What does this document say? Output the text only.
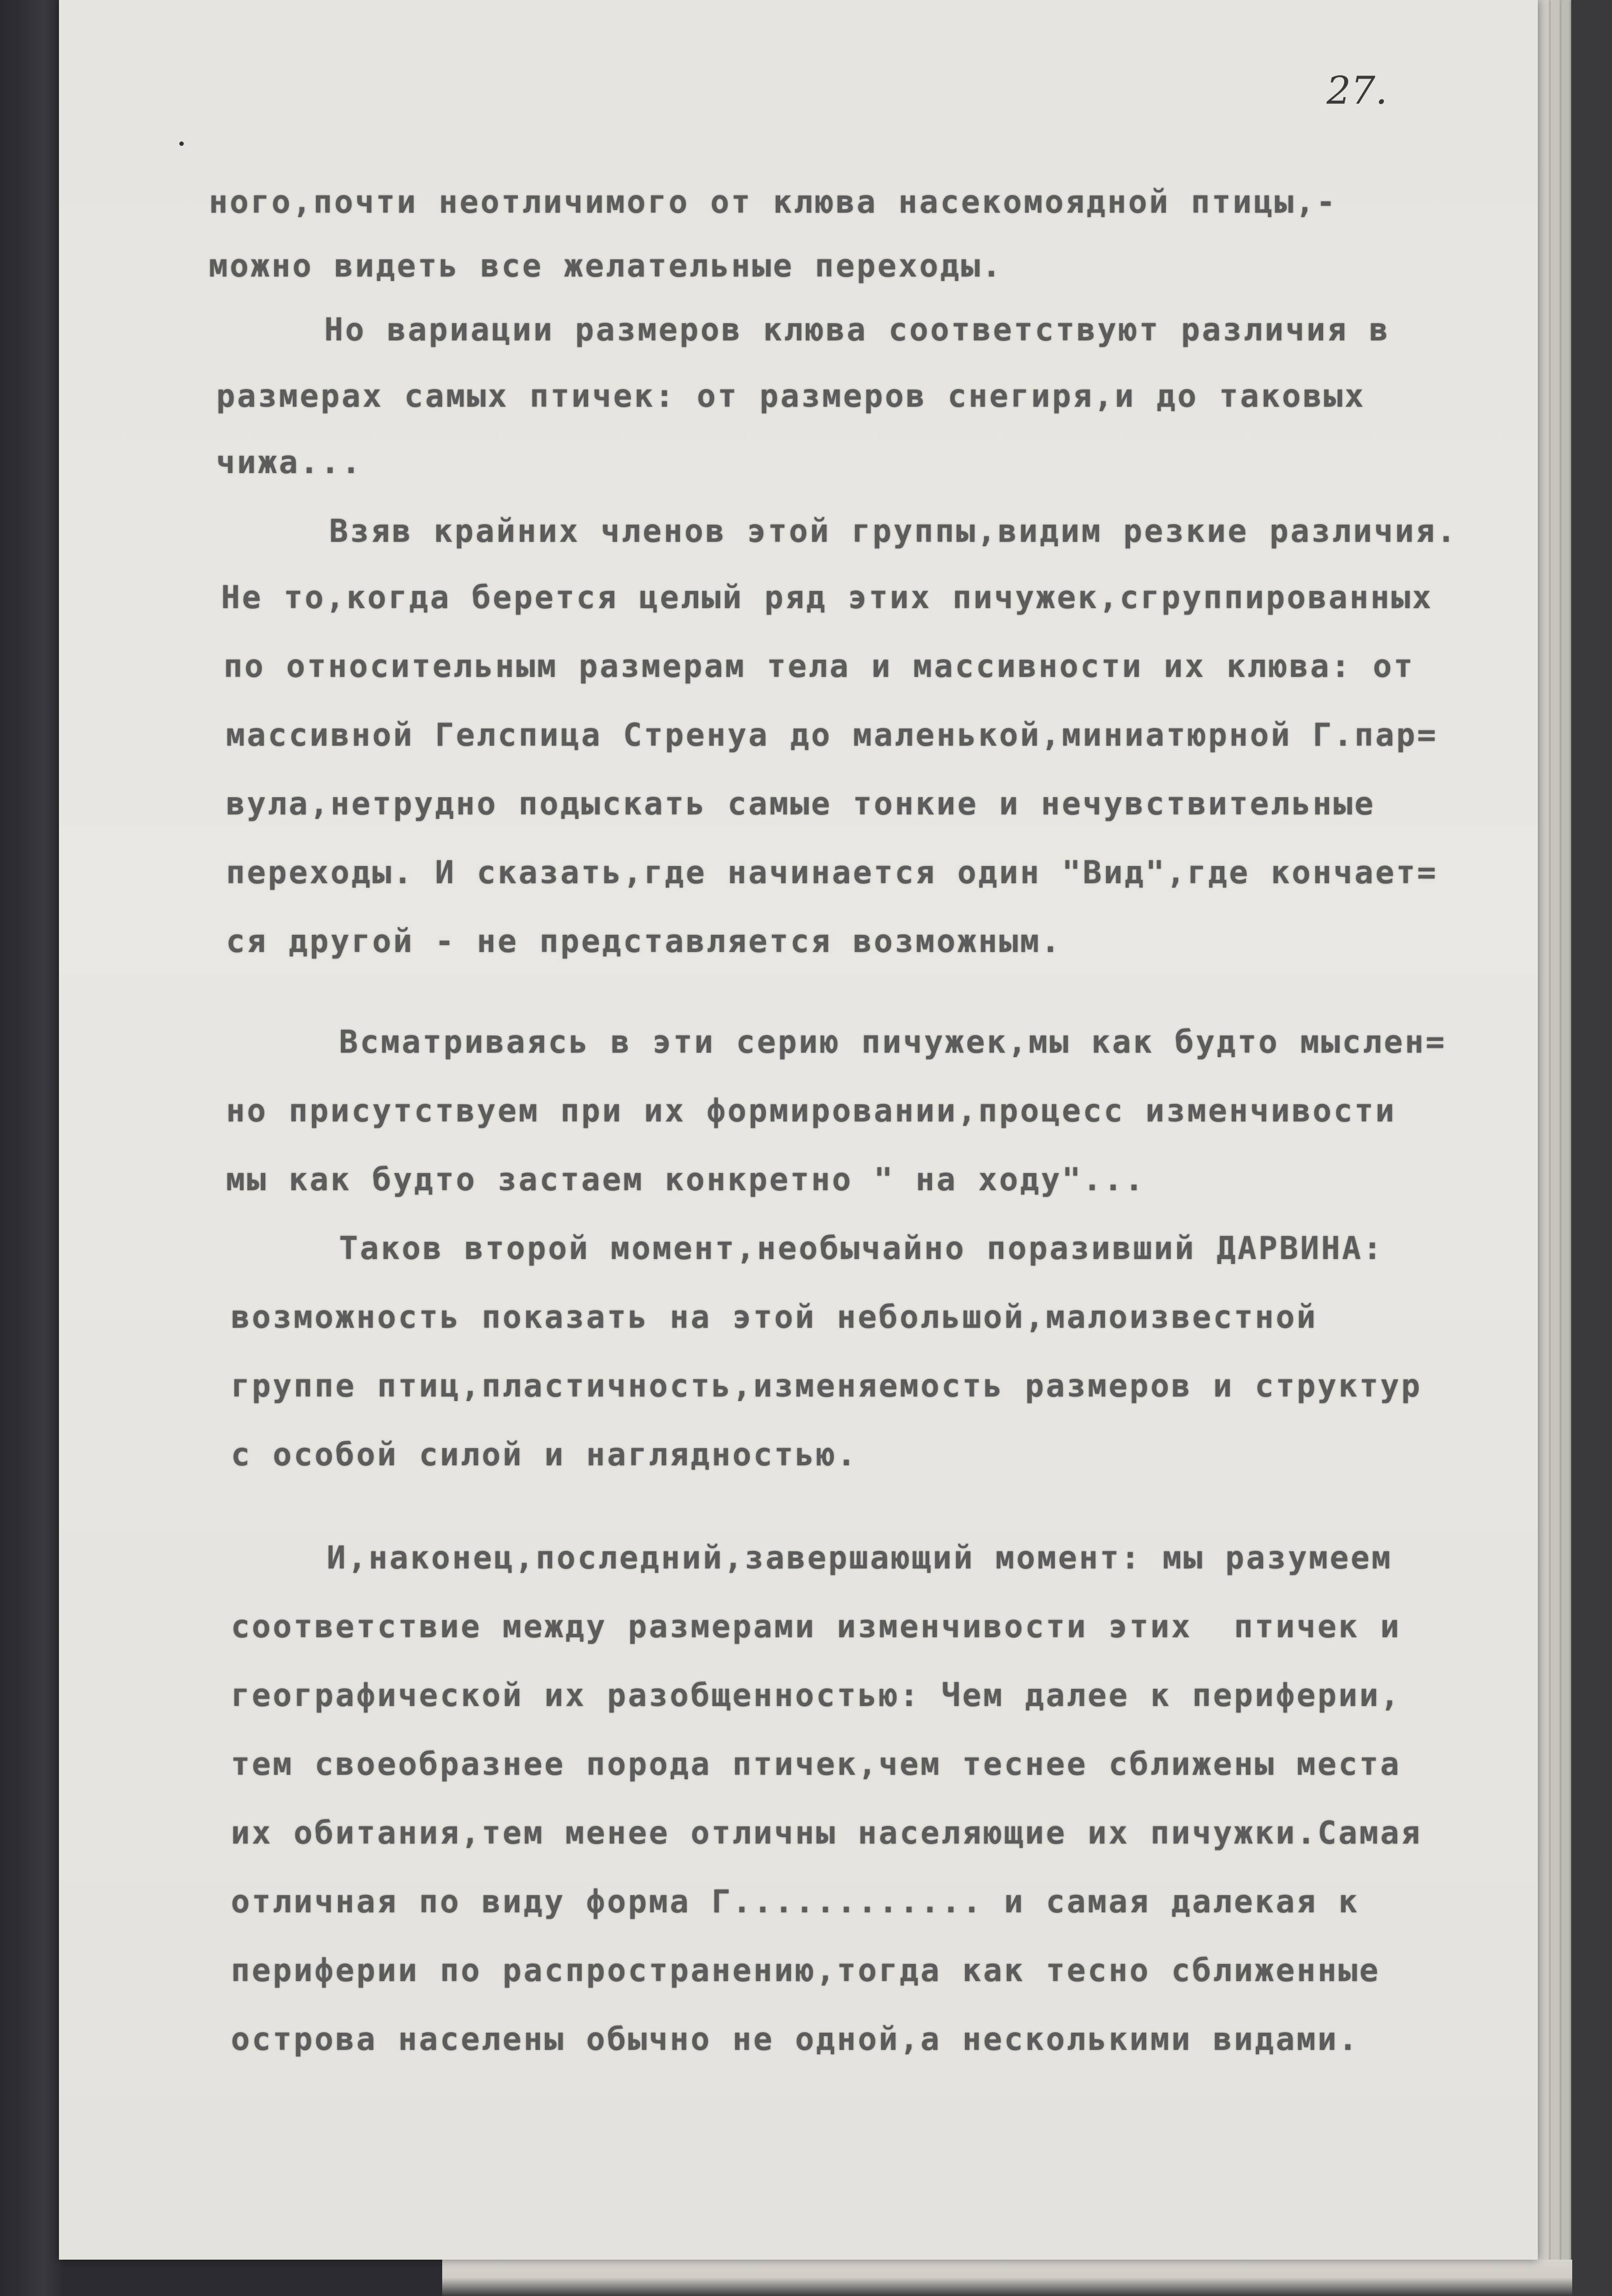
27.
ного,почти неотличимого от клюва насекомоядной птицы,-
можно видеть все желательные переходы.
Но вариации размеров клюва соответствуют различия в
размерах самых птичек: от размеров снегиря,и до таковых
чижа...
Взяв крайних членов этой группы,видим резкие различия.
Не то,когда берется целый ряд этих пичужек,сгруппированных
по относительным размерам тела и массивности их клюва: от
массивной Гелспица Стренуа до маленькой,миниатюрной Г.пар=
вула,нетрудно подыскать самые тонкие и нечувствительные
переходы. И сказать,где начинается один "Вид",где кончает=
ся другой - не представляется возможным.
Всматриваясь в эти серию пичужек,мы как будто мыслен=
но присутствуем при их формировании,процесс изменчивости
мы как будто застаем конкретно " на ходу"...
Таков второй момент,необычайно поразивший ДАРВИНА:
возможность показать на этой небольшой,малоизвестной
группе птиц,пластичность,изменяемость размеров и структур
с особой силой и наглядностью.
И,наконец,последний,завершающий момент: мы разумеем
соответствие между размерами изменчивости этих  птичек и
географической их разобщенностью: Чем далее к периферии,
тем своеобразнее порода птичек,чем теснее сближены места
их обитания,тем менее отличны населяющие их пичужки.Самая
отличная по виду форма Г............ и самая далекая к
периферии по распространению,тогда как тесно сближенные
острова населены обычно не одной,а несколькими видами.
